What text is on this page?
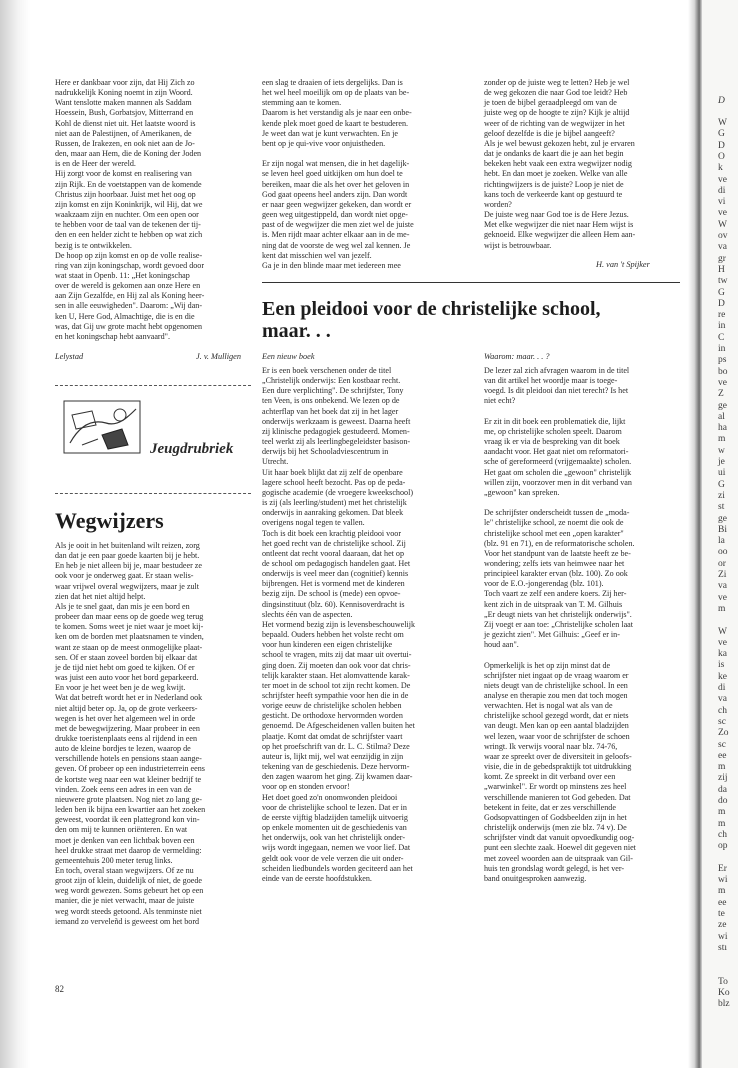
Here er dankbaar voor zijn, dat Hij Zich zo
nadrukkelijk Koning noemt in zijn Woord.
Want tenslotte maken mannen als Saddam
Hoessein, Bush, Gorbatsjov, Mitterrand en
Kohl de dienst niet uit. Het laatste woord is
niet aan de Palestijnen, of Amerikanen, de
Russen, de Irakezen, en ook niet aan de Jo-
den, maar aan Hem, die de Koning der Joden
is en de Heer der wereld.
Hij zorgt voor de komst en realisering van
zijn Rijk. En de voetstappen van de komende
Christus zijn hoorbaar. Juist met het oog op
zijn komst en zijn Koninkrijk, wil Hij, dat we
waakzaam zijn en nuchter. Om een open oor
te hebben voor de taal van de tekenen der tij-
den en een helder zicht te hebben op wat zich
bezig is te ontwikkelen.
De hoop op zijn komst en op de volle realise-
ring van zijn koningschap, wordt gevoed door
wat staat in Openb. 11: „Het koningschap
over de wereld is gekomen aan onze Here en
aan Zijn Gezalfde, en Hij zal als Koning heer-
sen in alle eeuwigheden". Daarom: „Wij dan-
ken U, Here God, Almachtige, die is en die
was, dat Gij uw grote macht hebt opgenomen
en het koningschap hebt aanvaard".

Lelystad	J. v. Mulligen
Jeugdrubriek
Wegwijzers

Als je ooit in het buitenland wilt reizen, zorg
dan dat je een paar goede kaarten bij je hebt.
En heb je niet alleen bij je, maar bestudeer ze
ook voor je onderweg gaat. Er staan welis-
waar vrijwel overal wegwijzers, maar je zult
zien dat het niet altijd helpt.
Als je te snel gaat, dan mis je een bord en
probeer dan maar eens op de goede weg terug
te komen. Soms weet je niet waar je moet kij-
ken om de borden met plaatsnamen te vinden,
want ze staan op de meest onmogelijke plaat-
sen. Of er staan zoveel borden bij elkaar dat
je de tijd niet hebt om goed te kijken. Of er
was juist een auto voor het bord geparkeerd.
En voor je het weet ben je de weg kwijt.
Wat dat betreft wordt het er in Nederland ook
niet altijd beter op. Ja, op de grote verkeers-
wegen is het over het algemeen wel in orde
met de bewegwijzering. Maar probeer in een
drukke toeristenplaats eens al rijdend in een
auto de kleine bordjes te lezen, waarop de
verschillende hotels en pensions staan aange-
geven. Of probeer op een industrieterrein eens
de kortste weg naar een wat kleiner bedrijf te
vinden. Zoek eens een adres in een van de
nieuwere grote plaatsen. Nog niet zo lang ge-
leden ben ik bijna een kwartier aan het zoeken
geweest, voordat ik een plattegrond kon vin-
den om mij te kunnen oriënteren. En wat
moet je denken van een lichtbak boven een
heel drukke straat met daarop de vermelding:
gemeentehuis 200 meter terug links.
En toch, overal staan wegwijzers. Of ze nu
groot zijn of klein, duidelijk of niet, de goede
weg wordt gewezen. Soms gebeurt het op een
manier, die je niet verwacht, maar de juiste
weg wordt steeds getoond. Als tenminste niet
iemand zo verveleñd is geweest om het bord

82

een slag te draaien of iets dergelijks. Dan is
het wel heel moeilijk om op de plaats van be-
stemming aan te komen.
Daarom is het verstandig als je naar een onbe-
kende plek moet goed de kaart te bestuderen.
Je weet dan wat je kunt verwachten. En je
bent op je qui-vive voor onjuistheden.

Er zijn nogal wat mensen, die in het dagelijk-
se leven heel goed uitkijken om hun doel te
bereiken, maar die als het over het geloven in
God gaat opeens heel anders zijn. Dan wordt
er naar geen wegwijzer gekeken, dan wordt er
geen weg uitgestippeld, dan wordt niet opge-
past of de wegwijzer die men ziet wel de juiste
is. Men rijdt maar achter elkaar aan in de me-
ning dat de voorste de weg wel zal kennen. Je
kent dat misschien wel van jezelf.
Ga je in den blinde maar met iedereen mee

zonder op de juiste weg te letten? Heb je wel
de weg gekozen die naar God toe leidt? Heb
je toen de bijbel geraadpleegd om van de
juiste weg op de hoogte te zijn? Kijk je altijd
weer of de richting van de wegwijzer in het
geloof dezelfde is die je bijbel aangeeft?
Als je wel bewust gekozen hebt, zul je ervaren
dat je ondanks de kaart die je aan het begin
bekeken hebt vaak een extra wegwijzer nodig
hebt. En dan moet je zoeken. Welke van alle
richtingwijzers is de juiste? Loop je niet de
kans toch de verkeerde kant op gestuurd te
worden?
De juiste weg naar God toe is de Here Jezus.
Met elke wegwijzer die niet naar Hem wijst is
geknoeid. Elke wegwijzer die alleen Hem aan-
wijst is betrouwbaar.

H. van 't Spijker
Een pleidooi voor de christelijke school,
maar. . .
Een nieuw boek	Waarom: maar. . . ?

Er is een boek verschenen onder de titel
„Christelijk onderwijs: Een kostbaar recht.
Een dure verplichting". De schrijfster, Tony
ten Veen, is ons onbekend. We lezen op de
achterflap van het boek dat zij in het lager
onderwijs werkzaam is geweest. Daarna heeft
zij klinische pedagogiek gestudeerd. Momen-
teel werkt zij als leerlingbegeleidster basison-
derwijs bij het Schooladviescentrum in
Utrecht.
Uit haar boek blijkt dat zij zelf de openbare
lagere school heeft bezocht. Pas op de peda-
gogische academie (de vroegere kweekschool)
is zij (als leerling/student) met het christelijk
onderwijs in aanraking gekomen. Dat bleek
overigens nogal tegen te vallen.
Toch is dit boek een krachtig pleidooi voor
het goed recht van de christelijke school. Zij
ontleent dat recht vooral daaraan, dat het op
de school om pedagogisch handelen gaat. Het
onderwijs is veel meer dan (cognitief) kennis
bijbrengen. Het is vormend met de kinderen
bezig zijn. De school is (mede) een opvoe-
dingsinstituut (blz. 60). Kennisoverdracht is
slechts één van de aspecten.
Het vormend bezig zijn is levensbeschouwelijk
bepaald. Ouders hebben het volste recht om
voor hun kinderen een eigen christelijke
school te vragen, mits zij dat maar uit overtui-
ging doen. Zij moeten dan ook voor dat chris-
telijk karakter staan. Het alomvattende karak-
ter moet in de school tot zijn recht komen. De
schrijfster heeft sympathie voor hen die in de
vorige eeuw de christelijke scholen hebben
gesticht. De orthodoxe hervormden worden
genoemd. De Afgescheidenen vallen buiten het
plaatje. Komt dat omdat de schrijfster vaart
op het proefschrift van dr. L. C. Stilma? Deze
auteur is, lijkt mij, wel wat eenzijdig in zijn
tekening van de geschiedenis. Deze hervorm-
den zagen waarom het ging. Zij kwamen daar-
voor op en stonden ervoor!
Het doet goed zo'n onomwonden pleidooi
voor de christelijke school te lezen. Dat er in
de eerste vijftig bladzijden tamelijk uitvoerig
op enkele momenten uit de geschiedenis van
het onderwijs, ook van het christelijk onder-
wijs wordt ingegaan, nemen we voor lief. Dat
geldt ook voor de vele verzen die uit onder-
scheiden liedbundels worden geciteerd aan het
einde van de eerste hoofdstukken.

De lezer zal zich afvragen waarom in de titel
van dit artikel het woordje maar is toege-
voegd. Is dit pleidooi dan niet terecht? Is het
niet echt?

Er zit in dit boek een problematiek die, lijkt
me, op christelijke scholen speelt. Daarom
vraag ik er via de bespreking van dit boek
aandacht voor. Het gaat niet om reformatori-
sche of gereformeerd (vrijgemaakte) scholen.
Het gaat om scholen die „gewoon" christelijk
willen zijn, voorzover men in dit verband van
„gewoon" kan spreken.

De schrijfster onderscheidt tussen de „moda-
le" christelijke school, ze noemt die ook de
christelijke school met een „open karakter"
(blz. 91 en 71), en de reformatorische scholen.
Voor het standpunt van de laatste heeft ze be-
wondering; zelfs iets van heimwee naar het
principieel karakter ervan (blz. 100). Zo ook
voor de E.O.-jongerendag (blz. 101).
Toch vaart ze zelf een andere koers. Zij her-
kent zich in de uitspraak van T. M. Gilhuis
„Er deugt niets van het christelijk onderwijs".
Zij voegt er aan toe: „Christelijke scholen laat
je gezicht zien". Met Gilhuis: „Geef er in-
houd aan".

Opmerkelijk is het op zijn minst dat de
schrijfster niet ingaat op de vraag waarom er
niets deugt van de christelijke school. In een
analyse en therapie zou men dat toch mogen
verwachten. Het is nogal wat als van de
christelijke school gezegd wordt, dat er niets
van deugt. Men kan op een aantal bladzijden
wel lezen, waar voor de schrijfster de schoen
wringt. Ik verwijs vooral naar blz. 74-76,
waar ze spreekt over de diversiteit in geloofs-
visie, die in de gebedspraktijk tot uitdrukking
komt. Ze spreekt in dit verband over een
„warwinkel". Er wordt op minstens zes heel
verschillende manieren tot God gebeden. Dat
betekent in feite, dat er zes verschillende
Godsopvattingen of Godsbeelden zijn in het
christelijk onderwijs (men zie blz. 74 v). De
schrijfster vindt dat vanuit opvoedkundig oog-
punt een slechte zaak. Hoewel dit gegeven niet
met zoveel woorden aan de uitspraak van Gil-
huis ten grondslag wordt gelegd, is het ver-
band onuitgesproken aanwezig.

D
W
G
D
O
k
ve
di
vi
ve
W
ov
va
gr
H
tw
G
D
re
in
C
in
ps
bo
ve
Z
ge
al
ha
m
w
je
ui
G
zi
st
ge
Bi
la
oo
or
Zi
va
ve
m
W
ve
ka
is
ke
di
va
ch
sc
Zo
sc
ee
m
zij
da
do
m
m
ch
op
Er
wi
m
ee
te
ze
wi
stı
To
Ko
blz
